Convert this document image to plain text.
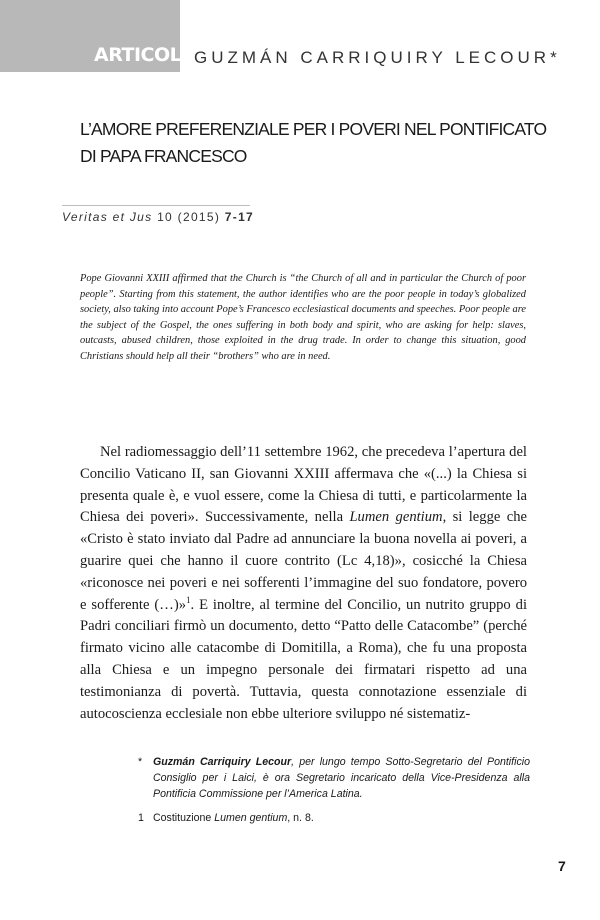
ARTICOLI GUZMÁN CARRIQUIRY LECOUR*
L’AMORE PREFERENZIALE PER I POVERI NEL PONTIFICATO
DI PAPA FRANCESCO
Veritas et Jus 10 (2015) 7-17

Pope Giovanni XXIII affirmed that the Church is “the Church of all and in particular the Church of poor people”. Starting from this statement, the author identifies who are the poor people in today’s globalized society, also taking into account Pope’s Francesco ecclesiastical documents and speeches. Poor people are the subject of the Gospel, the ones suffering in both body and spirit, who are asking for help: slaves, outcasts, abused children, those exploited in the drug trade. In order to change this situation, good Christians should help all their “brothers” who are in need.

Nel radiomessaggio dell’11 settembre 1962, che precedeva l’apertura del Concilio Vaticano II, san Giovanni XXIII affermava che «(...) la Chiesa si presenta quale è, e vuol essere, come la Chiesa di tutti, e particolarmente la Chiesa dei poveri». Successivamente, nella Lumen gentium, si legge che «Cristo è stato inviato dal Padre ad annunciare la buona novella ai poveri, a guarire quei che hanno il cuore contrito (Lc 4,18)», cosicché la Chiesa «riconosce nei poveri e nei sofferenti l’immagine del suo fondatore, povero e sofferente (…)»$^1$. E inoltre, al termine del Concilio, un nutrito gruppo di Padri conciliari firmò un documento, detto “Patto delle Catacombe” (perché firmato vicino alle catacombe di Domitilla, a Roma), che fu una proposta alla Chiesa e un impegno personale dei firmatari rispetto ad una testimonianza di povertà. Tuttavia, questa connotazione essenziale di autocoscienza ecclesiale non ebbe ulteriore sviluppo né sistematiz-

* Guzmán Carriquiry Lecour, per lungo tempo Sotto-Segretario del Pontificio Consiglio per i Laici, è ora Segretario incaricato della Vice-Presidenza alla Pontificia Commissione per l’America Latina.
1 Costituzione Lumen gentium, n. 8.
7
